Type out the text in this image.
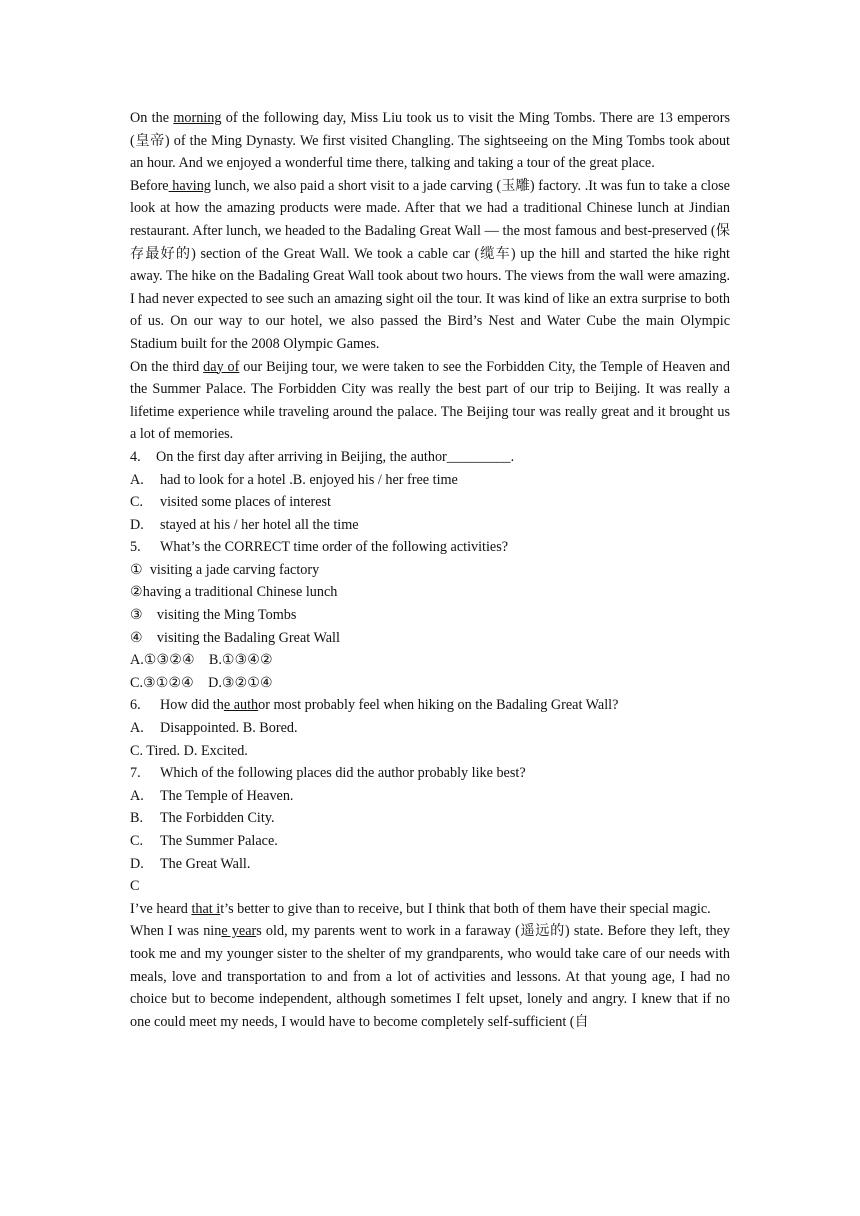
On the morning of the following day, Miss Liu took us to visit the Ming Tombs. There are 13 emperors (皇帝) of the Ming Dynasty. We first visited Changling. The sightseeing on the Ming Tombs took about an hour. And we enjoyed a wonderful time there, talking and taking a tour of the great place.

Before having lunch, we also paid a short visit to a jade carving (玉雕) factory. .It was fun to take a close look at how the amazing products were made. After that we had a traditional Chinese lunch at Jindian restaurant. After lunch, we headed to the Badaling Great Wall — the most famous and best-preserved (保存最好的) section of the Great Wall. We took a cable car (缆车) up the hill and started the hike right away. The hike on the Badaling Great Wall took about two hours. The views from the wall were amazing. I had never expected to see such an amazing sight oil the tour. It was kind of like an extra surprise to both of us. On our way to our hotel, we also passed the Bird’s Nest and Water Cube the main Olympic Stadium built for the 2008 Olympic Games.

On the third day of our Beijing tour, we were taken to see the Forbidden City, the Temple of Heaven and the Summer Palace. The Forbidden City was really the best part of our trip to Beijing. It was really a lifetime experience while traveling around the palace. The Beijing tour was really great and it brought us a lot of memories.

4. On the first day after arriving in Beijing, the author_________.

A. had to look for a hotel .B. enjoyed his / her free time

C. visited some places of interest

D. stayed at his / her hotel all the time

5. What’s the CORRECT time order of the following activities?

①  visiting a jade carving factory

②having a traditional Chinese lunch

③    visiting the Ming Tombs

④    visiting the Badaling Great Wall

A.①③②④    B.①③④②

C.③①②④    D.③②①④

6. How did the author most probably feel when hiking on the Badaling Great Wall?

A. Disappointed. B. Bored.

C. Tired. D. Excited.

7. Which of the following places did the author probably like best?

A. The Temple of Heaven.

B. The Forbidden City.

C. The Summer Palace.

D. The Great Wall.

C

I’ve heard that it’s better to give than to receive, but I think that both of them have their special magic.

When I was nine years old, my parents went to work in a faraway (遥远的) state. Before they left, they took me and my younger sister to the shelter of my grandparents, who would take care of our needs with meals, love and transportation to and from a lot of activities and lessons. At that young age, I had no choice but to become independent, although sometimes I felt upset, lonely and angry. I knew that if no one could meet my needs, I would have to become completely self-sufficient (自
